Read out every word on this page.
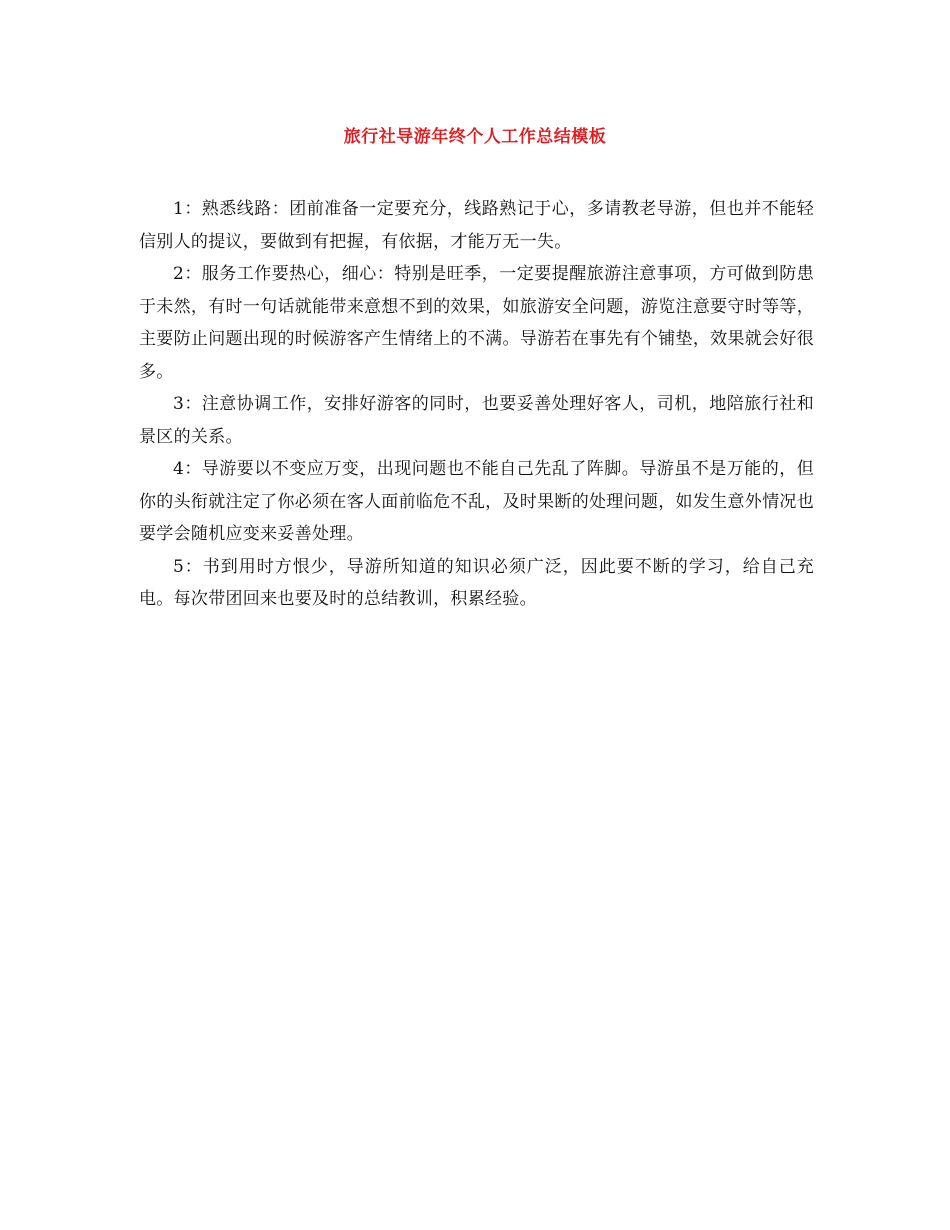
旅行社导游年终个人工作总结模板

1：熟悉线路：团前准备一定要充分，线路熟记于心，多请教老导游，但也并不能轻信别人的提议，要做到有把握，有依据，才能万无一失。

2：服务工作要热心，细心：特别是旺季，一定要提醒旅游注意事项，方可做到防患于未然，有时一句话就能带来意想不到的效果，如旅游安全问题，游览注意要守时等等，主要防止问题出现的时候游客产生情绪上的不满。导游若在事先有个铺垫，效果就会好很多。

3：注意协调工作，安排好游客的同时，也要妥善处理好客人，司机，地陪旅行社和景区的关系。

4：导游要以不变应万变，出现问题也不能自己先乱了阵脚。导游虽不是万能的，但你的头衔就注定了你必须在客人面前临危不乱，及时果断的处理问题，如发生意外情况也要学会随机应变来妥善处理。

5：书到用时方恨少，导游所知道的知识必须广泛，因此要不断的学习，给自己充电。每次带团回来也要及时的总结教训，积累经验。
